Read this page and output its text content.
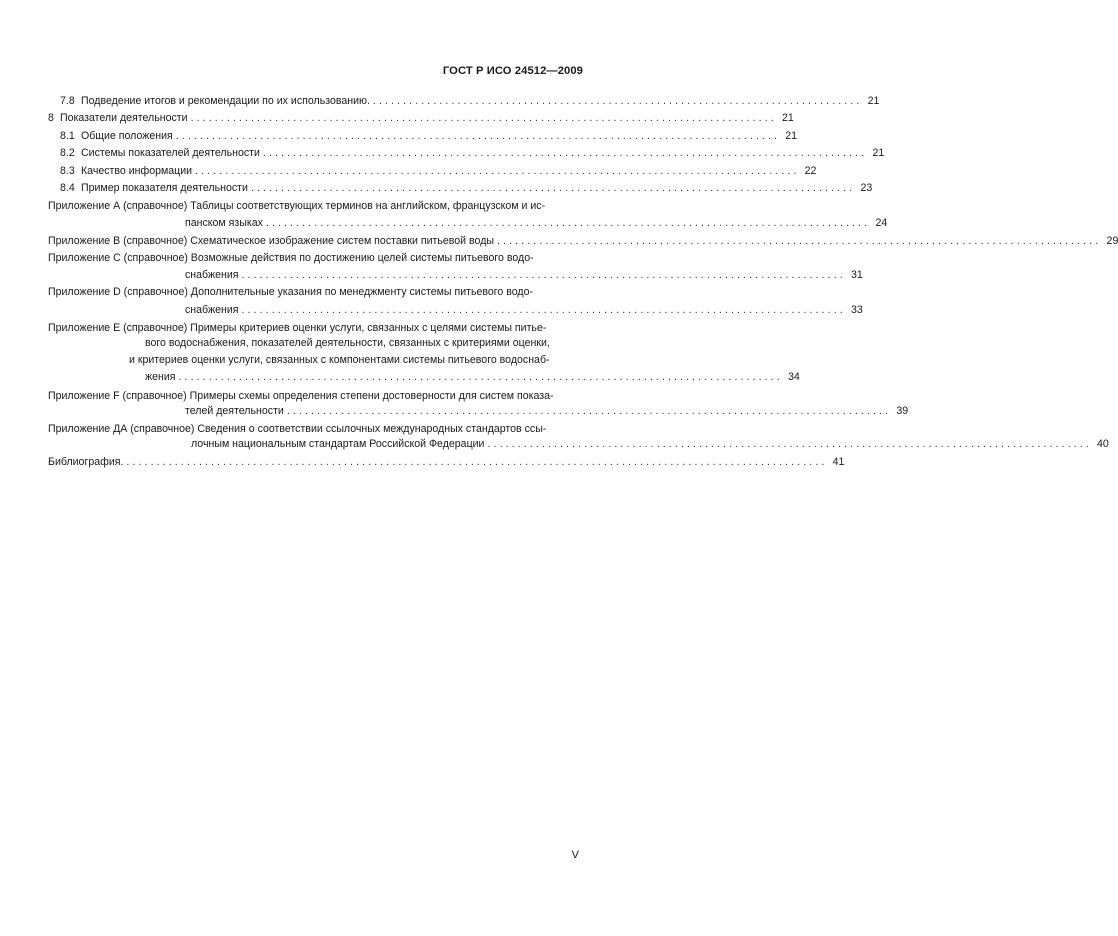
ГОСТ Р ИСО 24512—2009
7.8 Подведение итогов и рекомендации по их использованию. ................................................................................. 21
8 Показатели деятельности ................................................................................................. 21
8.1 Общие положения .................................................................................................... 21
8.2 Системы показателей деятельности .................................................................................................... 21
8.3 Качество информации .................................................................................................... 22
8.4 Пример показателя деятельности .................................................................................................... 23
Приложение А (справочное) Таблицы соответствующих терминов на английском, французском и ис-
панском языках .................................................................................................... 24
Приложение В (справочное) Схематическое изображение систем поставки питьевой воды .................................................................................................... 29
Приложение С (справочное) Возможные действия по достижению целей системы питьевого водо-
снабжения .................................................................................................... 31
Приложение D (справочное) Дополнительные указания по менеджменту системы питьевого водо-
снабжения .................................................................................................... 33
Приложение Е (справочное) Примеры критериев оценки услуги, связанных с целями системы питье-
вого водоснабжения, показателей деятельности, связанных с критериями оценки,
и критериев оценки услуги, связанных с компонентами системы питьевого водоснаб-
жения .................................................................................................... 34
Приложение F (справочное) Примеры схемы определения степени достоверности для систем показа-
телей деятельности .................................................................................................... 39
Приложение ДА (справочное) Сведения о соответствии ссылочных международных стандартов ссы-
лочным национальным стандартам Российской Федерации .................................................................................................... 40
Библиография. .................................................................................................................... 41
V
